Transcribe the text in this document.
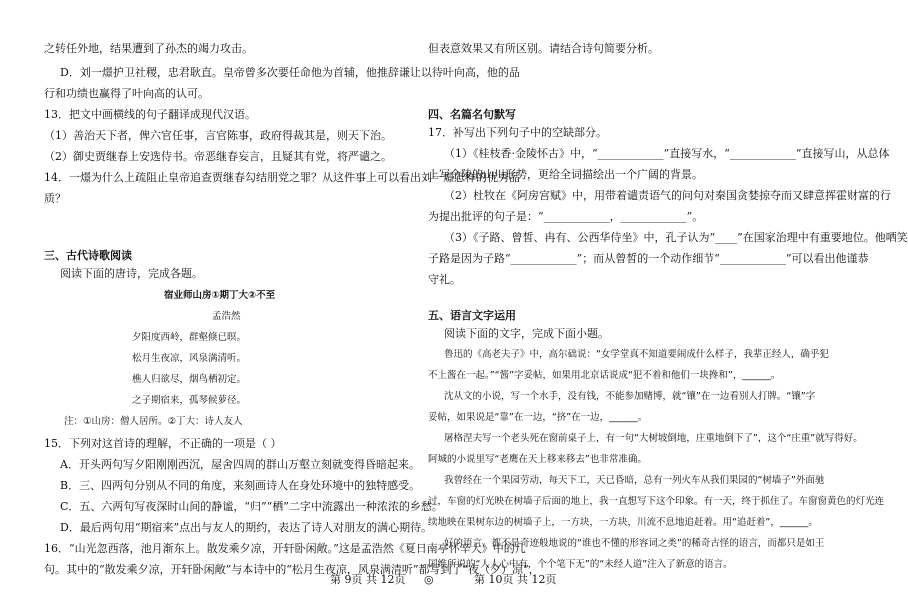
之转任外地，结果遭到了孙杰的竭力攻击。
D．刘一燝护卫社稷，忠君耿直。皇帝曾多次要任命他为首辅，他推辞谦让以待叶向高，他的品
行和功绩也赢得了叶向高的认可。
13．把文中画横线的句子翻译成现代汉语。
（1）善治天下者，俾六官任事，言官陈事，政府得裁其是，则天下治。
（2）御史贾继春上安选侍书。帝恶继春妄言，且疑其有党，将严谴之。
14．一燝为什么上疏阻止皇帝追查贾继春勾结朋党之罪？从这件事上可以看出刘一燝怎样的优秀品
质？
三、古代诗歌阅读
阅读下面的唐诗，完成各题。
宿业师山房①期丁大②不至
孟浩然
夕阳度西岭，群壑倏已暝。
松月生夜凉，风泉满清听。
樵人归欲尽，烟鸟栖初定。
之子期宿来，孤琴候萝径。
注：①山房：僧人居所。②丁大：诗人友人
15．下列对这首诗的理解，不正确的一项是（ ）
A．开头两句写夕阳刚刚西沉，屋舍四周的群山万壑立刻就变得昏暗起来。
B．三、四两句分别从不同的角度，来刻画诗人在身处环境中的独特感受。
C．五、六两句写夜深时山间的静谧，“归”“栖”二字中流露出一种浓浓的乡愁。
D．最后两句用“期宿来”点出与友人的期约，表达了诗人对朋友的满心期待。
16．“山光忽西落，池月渐东上。散发乘夕凉，开轩卧闲敞。”这是孟浩然《夏日南亭怀辛大》中的几
句。其中的“散发乘夕凉，开轩卧闲敞”与本诗中的“松月生夜凉，风泉满清听”都写到了“夜（夕）凉”，
但表意效果又有所区别。请结合诗句简要分析。
四、名篇名句默写
17．补写出下列句子中的空缺部分。
（1）《桂枝香·金陵怀古》中，“____________”直接写水，“____________”直接写山，从总体
上写金陵的山川形势，更给全词描绘出一个广阔的背景。
（2）杜牧在《阿房宫赋》中，用带着谴责语气的问句对秦国贪婪掠夺而又肆意挥霍财富的行
为提出批评的句子是：“____________，____________”。
（3）《子路、曾皙、冉有、公西华侍坐》中，孔子认为“____”在国家治理中有重要地位。他哂笑
子路是因为子路“____________”；而从曾皙的一个动作细节“____________”可以看出他谨恭
守礼。
五、语言文字运用
阅读下面的文字，完成下面小题。
鲁迅的《高老夫子》中，高尔础说：“女学堂真不知道要闹成什么样子，我辈正经人，确乎犯
不上酱在一起。”“酱”字妥帖，如果用北京话说成“犯不着和他们一块搀和”，______。
沈从文的小说，写一个水手，没有钱，不能参加赌博，就“镶”在一边看别人打牌。“镶”字
妥帖，如果说是“靠”在一边，“挤”在一边，______。
屠格涅夫写一个老头死在窗前桌子上，有一句“大树坡倒地，庄重地倒下了”，这个“庄重”就写得好。
阿城的小说里写“老鹰在天上移来移去”也非常准确。
我曾经在一个果园劳动，每天下工，天已昏暗，总有一列火车从我们果园的“树墙子”外面驰
过，车窗的灯光映在树墙子后面的地上，我一直想写下这个印象。有一天，终于抓住了。车窗窗黄色的灯光连
续地映在果树东边的树墙子上，一方块，一方块，川流不息地追赶着。用“追赶着”，______。
好的语言，都不是奇迹般地说的“谁也不懂的形容词之类”的稀奇古怪的语言，而都只是如王
国维所说的“人人心中有，个个笔下无”的“未经人道”注入了新意的语言。
第 9页 共 12页 ◎	第 10页 共 12页
